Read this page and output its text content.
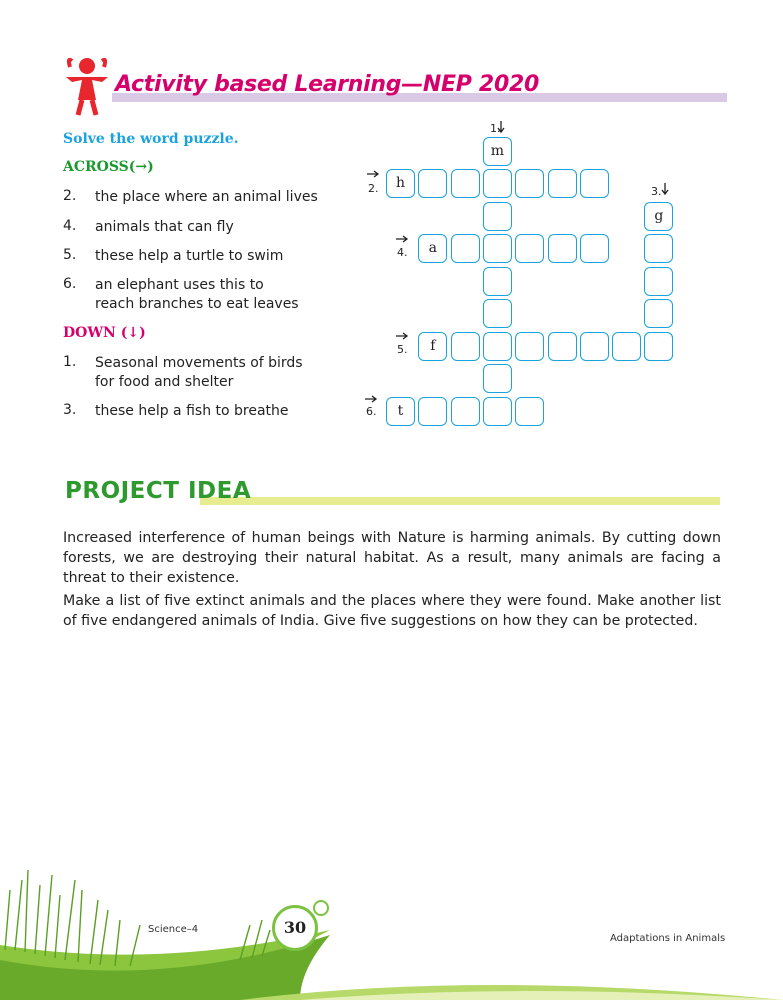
Activity based Learning—NEP 2020
Solve the word puzzle.
ACROSS(→)
2. the place where an animal lives
4. animals that can fly
5. these help a turtle to swim
6. an elephant uses this to reach branches to eat leaves
DOWN (↓)
1. Seasonal movements of birds for food and shelter
3. these help a fish to breathe
m
h
a
f
t
g
1.
2.	3.
4.
5.
6.
PROJECT IDEA
Increased interference of human beings with Nature is harming animals. By cutting down forests, we are destroying their natural habitat. As a result, many animals are facing a threat to their existence.
Make a list of five extinct animals and the places where they were found. Make another list of five endangered animals of India. Give five suggestions on how they can be protected.
Science–4	30
Adaptations in Animals
